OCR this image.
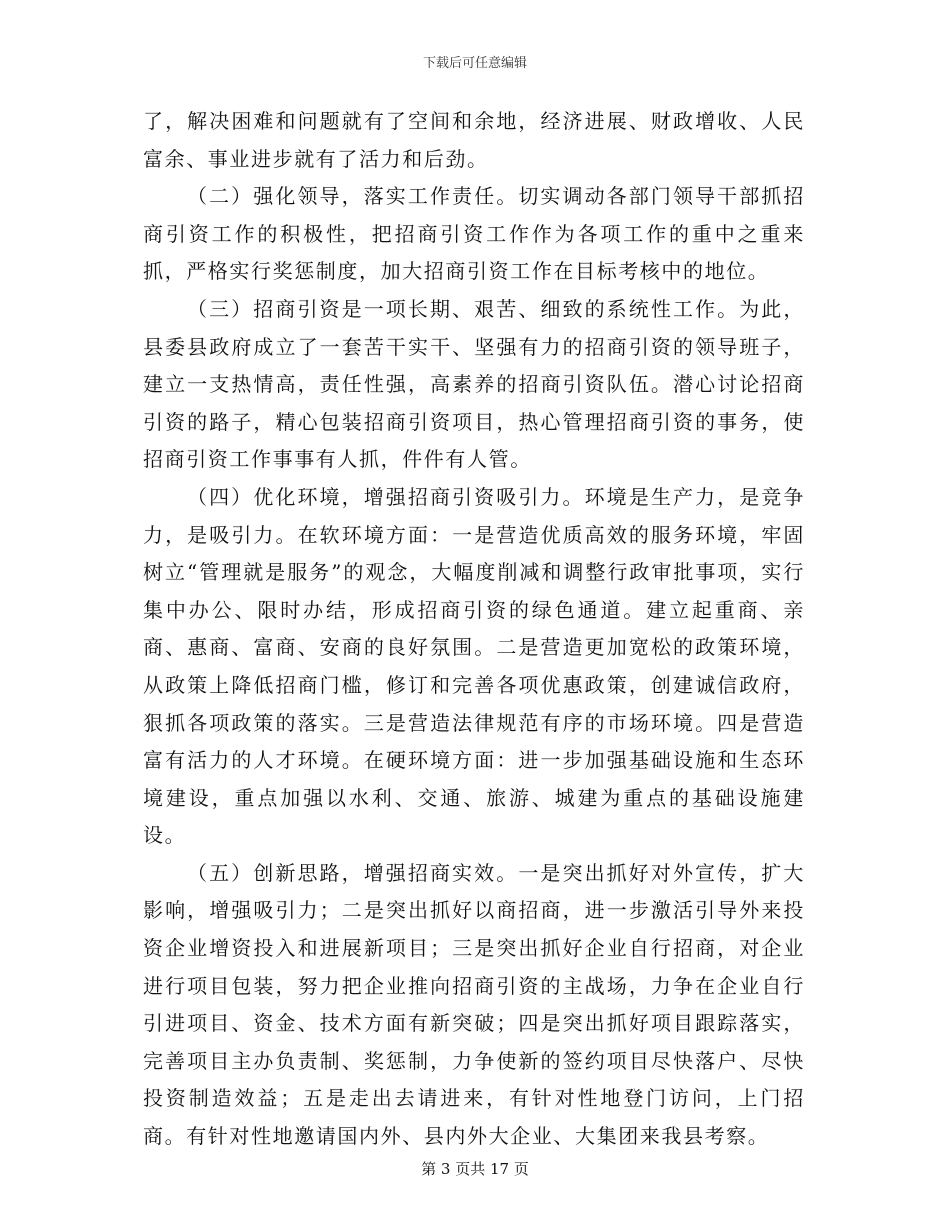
下载后可任意编辑

了，解决困难和问题就有了空间和余地，经济进展、财政增收、人民富余、事业进步就有了活力和后劲。

（二）强化领导，落实工作责任。切实调动各部门领导干部抓招商引资工作的积极性，把招商引资工作作为各项工作的重中之重来抓，严格实行奖惩制度，加大招商引资工作在目标考核中的地位。

（三）招商引资是一项长期、艰苦、细致的系统性工作。为此，县委县政府成立了一套苦干实干、坚强有力的招商引资的领导班子，建立一支热情高，责任性强，高素养的招商引资队伍。潜心讨论招商引资的路子，精心包装招商引资项目，热心管理招商引资的事务，使招商引资工作事事有人抓，件件有人管。

（四）优化环境，增强招商引资吸引力。环境是生产力，是竞争力，是吸引力。在软环境方面：一是营造优质高效的服务环境，牢固树立“管理就是服务”的观念，大幅度削减和调整行政审批事项，实行集中办公、限时办结，形成招商引资的绿色通道。建立起重商、亲商、惠商、富商、安商的良好氛围。二是营造更加宽松的政策环境，从政策上降低招商门槛，修订和完善各项优惠政策，创建诚信政府，狠抓各项政策的落实。三是营造法律规范有序的市场环境。四是营造富有活力的人才环境。在硬环境方面：进一步加强基础设施和生态环境建设，重点加强以水利、交通、旅游、城建为重点的基础设施建设。

（五）创新思路，增强招商实效。一是突出抓好对外宣传，扩大影响，增强吸引力；二是突出抓好以商招商，进一步激活引导外来投资企业增资投入和进展新项目；三是突出抓好企业自行招商，对企业进行项目包装，努力把企业推向招商引资的主战场，力争在企业自行引进项目、资金、技术方面有新突破；四是突出抓好项目跟踪落实，完善项目主办负责制、奖惩制，力争使新的签约项目尽快落户、尽快投资制造效益；五是走出去请进来，有针对性地登门访问，上门招商。有针对性地邀请国内外、县内外大企业、大集团来我县考察。

第 3 页共 17 页
